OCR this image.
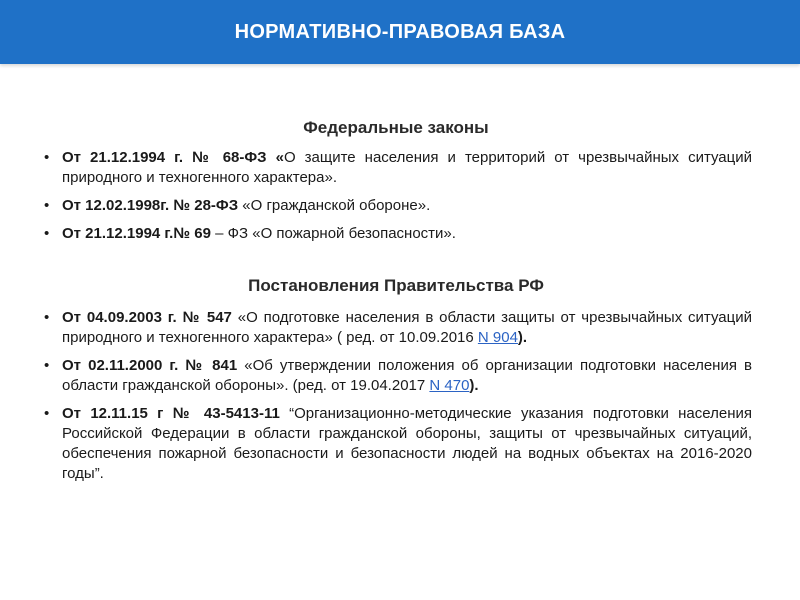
НОРМАТИВНО-ПРАВОВАЯ БАЗА
Федеральные законы
• От 21.12.1994 г. № 68-ФЗ «О защите населения и территорий от чрезвычайных ситуаций природного и техногенного характера».
• От 12.02.1998г. № 28-ФЗ «О гражданской обороне».
• От 21.12.1994 г.№ 69 – ФЗ «О пожарной безопасности».
Постановления Правительства РФ
• От 04.09.2003 г. № 547 «О подготовке населения в области защиты от чрезвычайных ситуаций природного и техногенного характера» ( ред. от 10.09.2016 N 904).
• От 02.11.2000 г. № 841 «Об утверждении положения об организации подготовки населения в области гражданской обороны». (ред. от 19.04.2017 N 470).
• От 12.11.15 г № 43-5413-11 “Организационно-методические указания подготовки населения Российской Федерации в области гражданской обороны, защиты от чрезвычайных ситуаций, обеспечения пожарной безопасности и безопасности людей на водных объектах на 2016-2020 годы”.
